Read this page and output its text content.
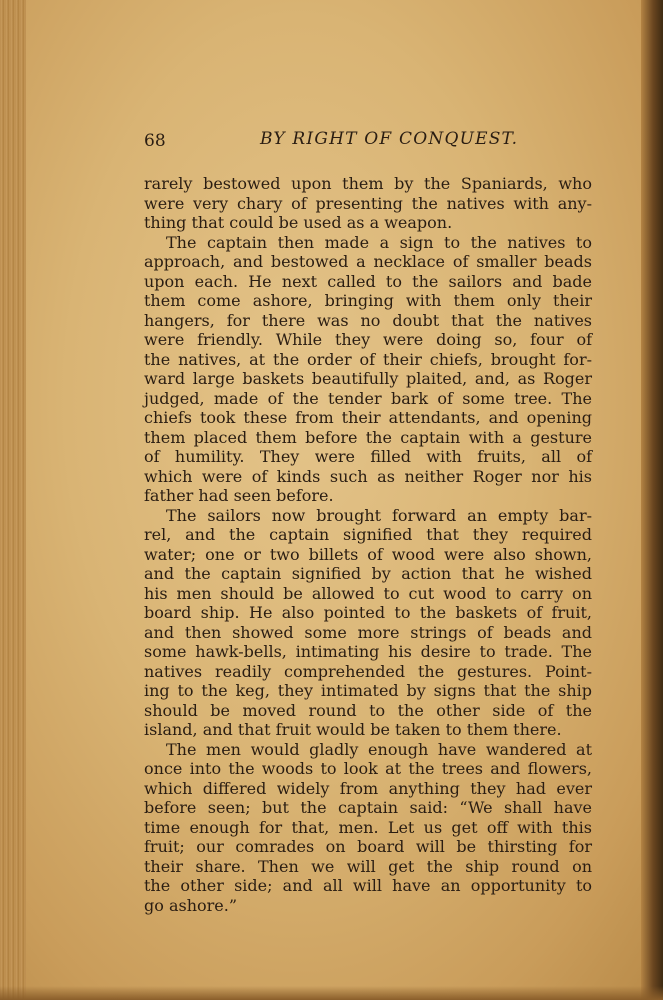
68	BY RIGHT OF CONQUEST.
rarely bestowed upon them by the Spaniards, who
were very chary of presenting the natives with any-
thing that could be used as a weapon.
The captain then made a sign to the natives to
approach, and bestowed a necklace of smaller beads
upon each. He next called to the sailors and bade
them come ashore, bringing with them only their
hangers, for there was no doubt that the natives
were friendly. While they were doing so, four of
the natives, at the order of their chiefs, brought for-
ward large baskets beautifully plaited, and, as Roger
judged, made of the tender bark of some tree. The
chiefs took these from their attendants, and opening
them placed them before the captain with a gesture
of humility. They were filled with fruits, all of
which were of kinds such as neither Roger nor his
father had seen before.
The sailors now brought forward an empty bar-
rel, and the captain signified that they required
water; one or two billets of wood were also shown,
and the captain signified by action that he wished
his men should be allowed to cut wood to carry on
board ship. He also pointed to the baskets of fruit,
and then showed some more strings of beads and
some hawk-bells, intimating his desire to trade. The
natives readily comprehended the gestures. Point-
ing to the keg, they intimated by signs that the ship
should be moved round to the other side of the
island, and that fruit would be taken to them there.
The men would gladly enough have wandered at
once into the woods to look at the trees and flowers,
which differed widely from anything they had ever
before seen; but the captain said: “We shall have
time enough for that, men. Let us get off with this
fruit; our comrades on board will be thirsting for
their share. Then we will get the ship round on
the other side; and all will have an opportunity to
go ashore.”
